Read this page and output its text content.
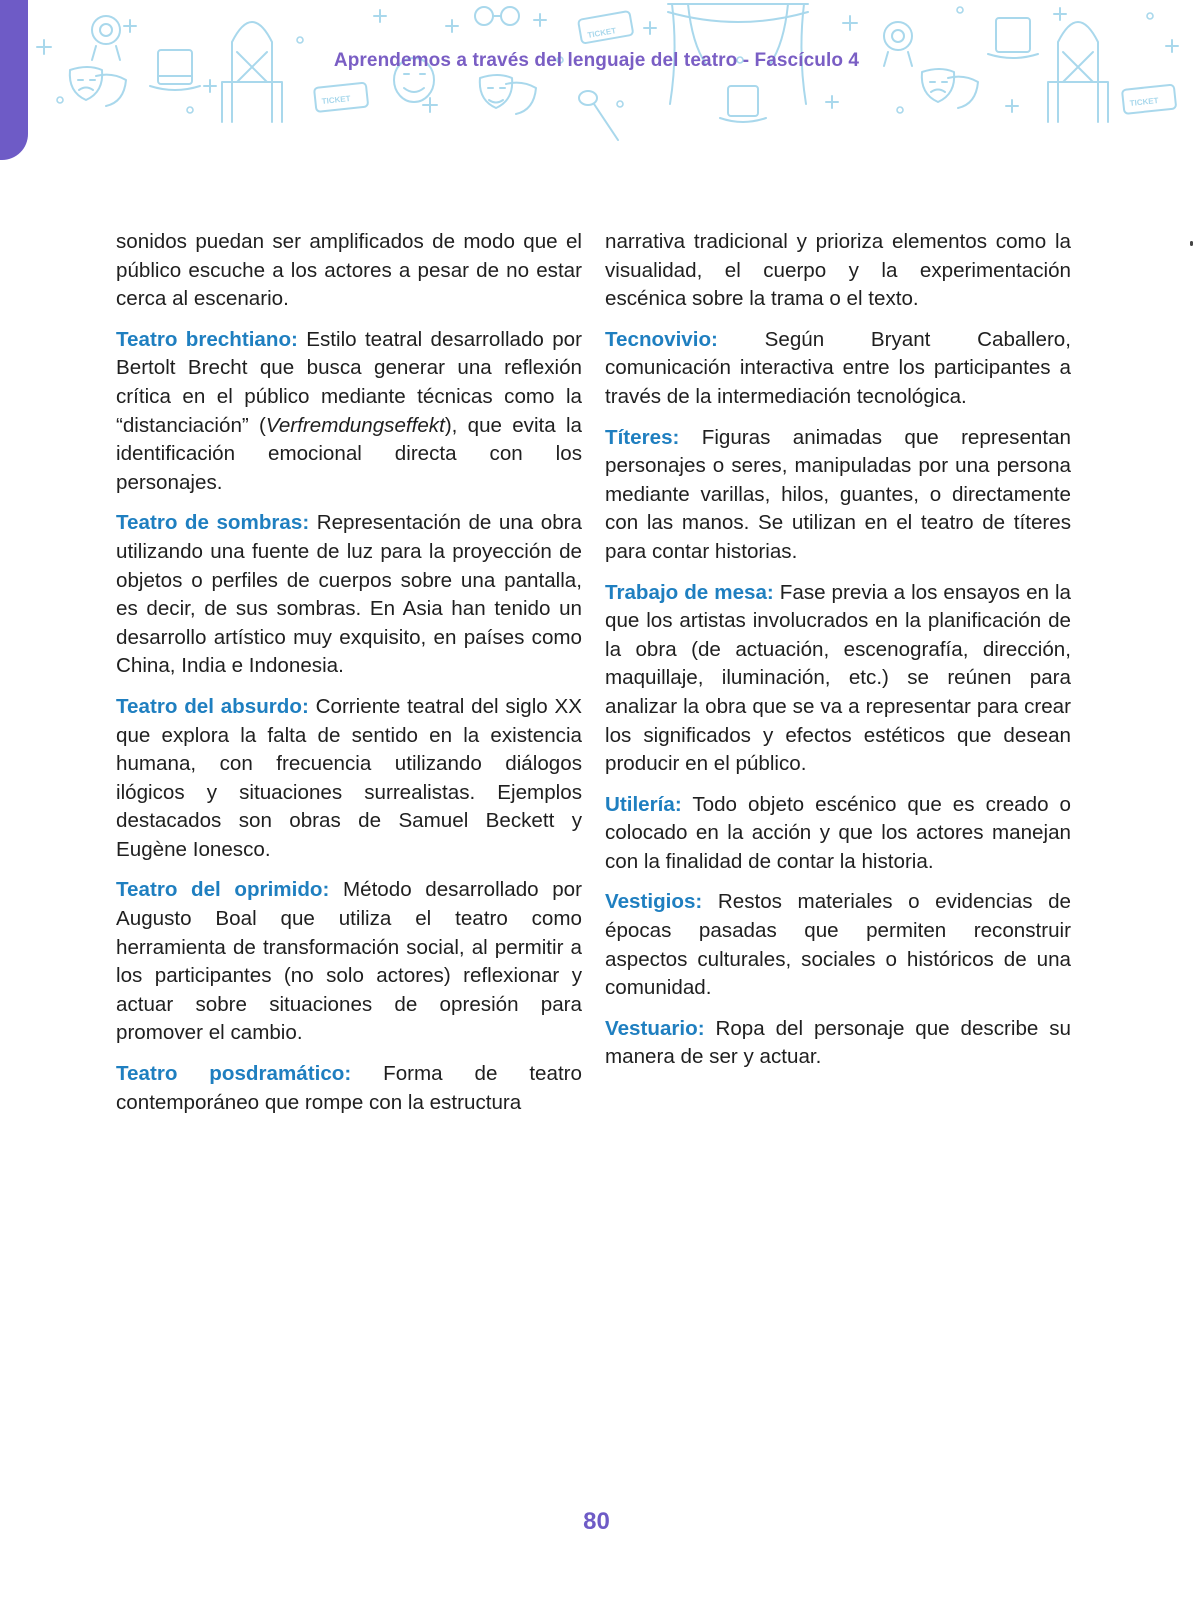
TICKET
TICKET
TICKET
Aprendemos a través del lenguaje del teatro - Fascículo 4

sonidos puedan ser amplificados de modo que el público escuche a los actores a pesar de no estar cerca al escenario.

Teatro brechtiano: Estilo teatral desarrollado por Bertolt Brecht que busca generar una reflexión crítica en el público mediante técnicas como la “distanciación” (Verfremdungseffekt), que evita la identificación emocional directa con los personajes.

Teatro de sombras: Representación de una obra utilizando una fuente de luz para la proyección de objetos o perfiles de cuerpos sobre una pantalla, es decir, de sus sombras. En Asia han tenido un desarrollo artístico muy exquisito, en países como China, India e Indonesia.

Teatro del absurdo: Corriente teatral del siglo XX que explora la falta de sentido en la existencia humana, con frecuencia utilizando diálogos ilógicos y situaciones surrealistas. Ejemplos destacados son obras de Samuel Beckett y Eugène Ionesco.

Teatro del oprimido: Método desarrollado por Augusto Boal que utiliza el teatro como herramienta de transformación social, al permitir a los participantes (no solo actores) reflexionar y actuar sobre situaciones de opresión para promover el cambio.

Teatro posdramático: Forma de teatro contemporáneo que rompe con la estructura

narrativa tradicional y prioriza elementos como la visualidad, el cuerpo y la experimentación escénica sobre la trama o el texto.

Tecnovivio: Según Bryant Caballero, comunicación interactiva entre los participantes a través de la intermediación tecnológica.

Títeres: Figuras animadas que representan personajes o seres, manipuladas por una persona mediante varillas, hilos, guantes, o directamente con las manos. Se utilizan en el teatro de títeres para contar historias.

Trabajo de mesa: Fase previa a los ensayos en la que los artistas involucrados en la planificación de la obra (de actuación, escenografía, dirección, maquillaje, iluminación, etc.) se reúnen para analizar la obra que se va a representar para crear los significados y efectos estéticos que desean producir en el público.

Utilería: Todo objeto escénico que es creado o colocado en la acción y que los actores manejan con la finalidad de contar la historia.

Vestigios: Restos materiales o evidencias de épocas pasadas que permiten reconstruir aspectos culturales, sociales o históricos de una comunidad.

Vestuario: Ropa del personaje que describe su manera de ser y actuar.

80
